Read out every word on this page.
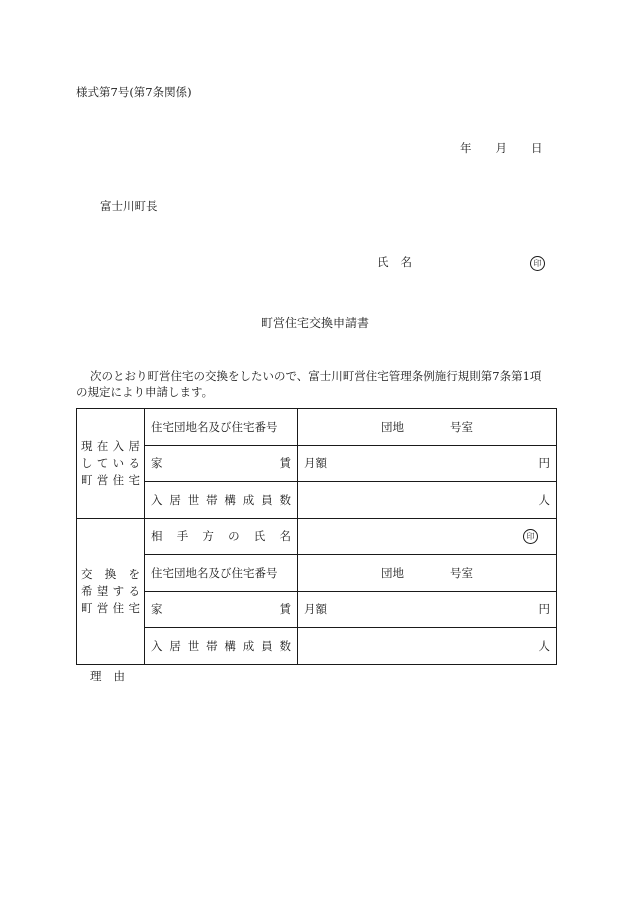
様式第7号(第7条関係)
年 月 日
富士川町長
氏 名	印
町営住宅交換申請書
次のとおり町営住宅の交換をしたいので、富士川町営住宅管理条例施行規則第7条第1項
の規定により申請します。
現在入居
している
町営住宅	住宅団地名及び住宅番号	団地 号室
	家　　　　　賃	月額 円

	入居世帯構成員数	人

交換を
希望する
町営住宅	相手方の氏名	印
	住宅団地名及び住宅番号	団地 号室
	家　　　　　賃	月額 円

	入居世帯構成員数	人
理 由
